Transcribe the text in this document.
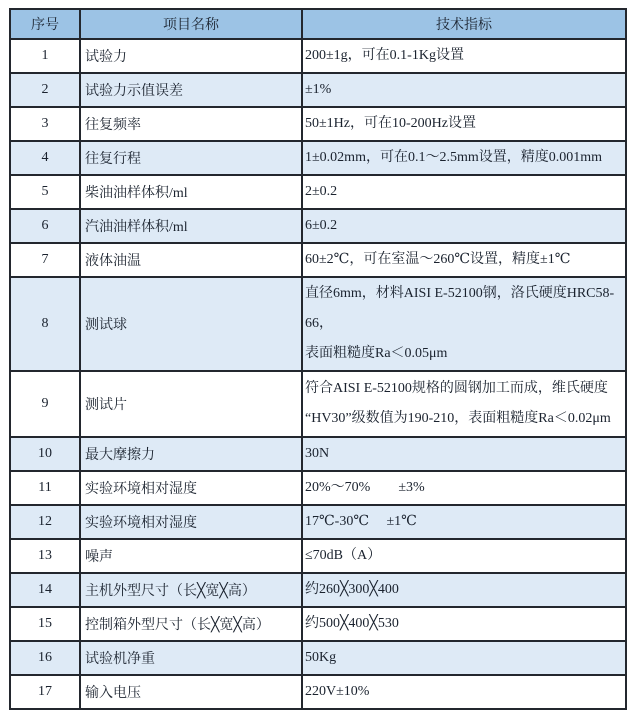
序号	项目名称	技术指标
1	试验力	200±1g，可在0.1-1Kg设置

2	试验力示值误差	±1%

3	往复频率	50±1Hz，可在10-200Hz设置

4	往复行程	1±0.02mm，可在0.1～2.5mm设置，精度0.001mm

5	柴油油样体积/ml	2±0.2

6	汽油油样体积/ml	6±0.2

7	液体油温	60±2℃，可在室温～260℃设置，精度±1℃

8	测试球	直径6mm，材料AISI E-52100钢，洛氏硬度HRC58-66，
表面粗糙度Ra＜0.05μm

9	测试片	符合AISI E-52100规格的圆钢加工而成，维氏硬度
“HV30”级数值为190-210，表面粗糙度Ra＜0.02μm

10	最大摩擦力	30N

11	实验环境相对湿度	20%～70%　　±3%

12	实验环境相对湿度	17℃-30℃　 ±1℃

13	噪声	≤70dB（A）

14	主机外型尺寸（长╳宽╳高）	约260╳300╳400

15	控制箱外型尺寸（长╳宽╳高）	约500╳400╳530

16	试验机净重	50Kg

17	输入电压	220V±10%
